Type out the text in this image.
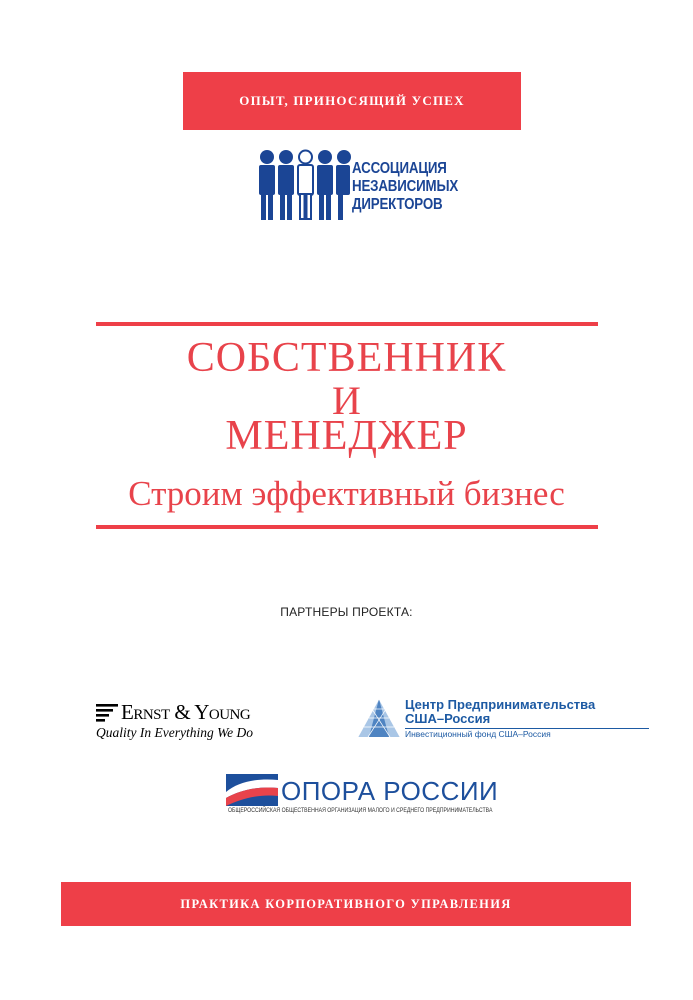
ОПЫТ, ПРИНОСЯЩИЙ УСПЕХ
АССОЦИАЦИЯ
НЕЗАВИСИМЫХ
ДИРЕКТОРОВ
СОБСТВЕННИК
И
МЕНЕДЖЕР
Строим эффективный бизнес
ПАРТНЕРЫ ПРОЕКТА:
Ernst & Young
Quality In Everything We Do
Центр Предпринимательства
США–Россия
Инвестиционный фонд США–Россия
ОПОРА РОССИИ
ОБЩЕРОССИЙСКАЯ ОБЩЕСТВЕННАЯ ОРГАНИЗАЦИЯ МАЛОГО И СРЕДНЕГО ПРЕДПРИНИМАТЕЛЬСТВА
ПРАКТИКА КОРПОРАТИВНОГО УПРАВЛЕНИЯ
